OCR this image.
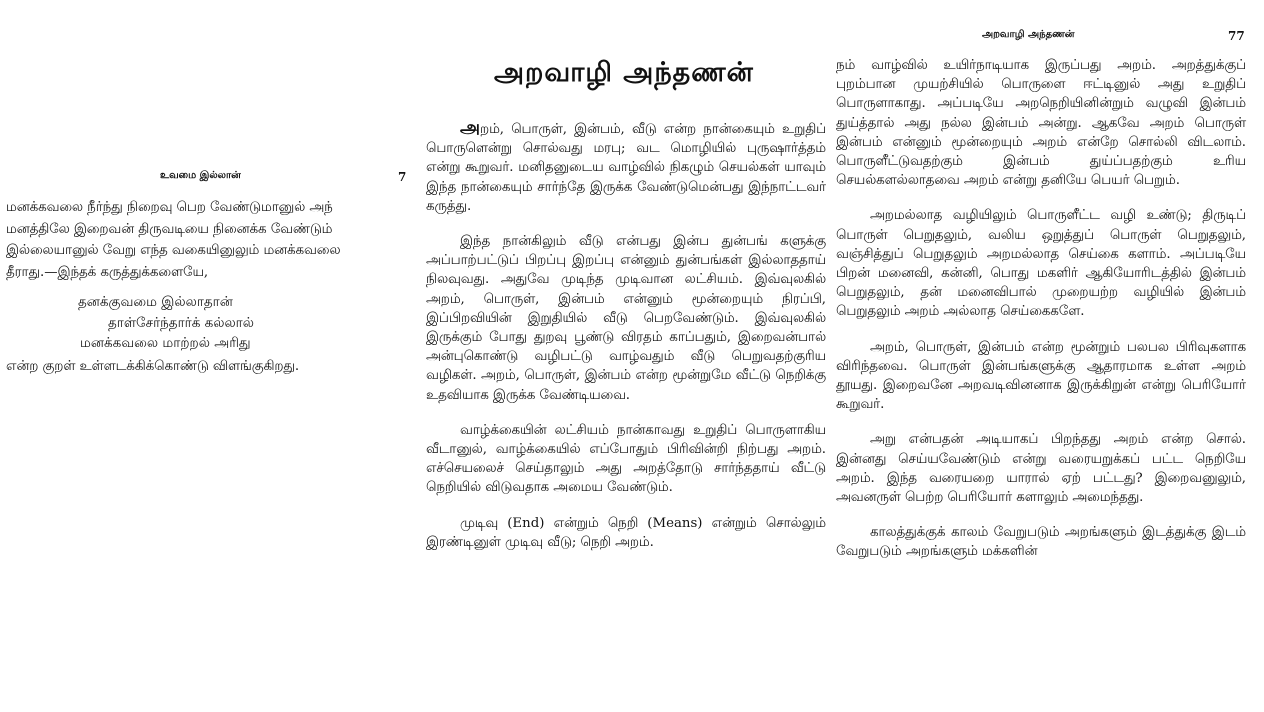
உவமை இல்லான்	7
மனக்கவலை நீர்ந்து நிறைவு பெற வேண்டுமானுல் அந்
மனத்திலே இறைவன் திருவடியை நினைக்க வேண்டும்
இல்லையானுல் வேறு எந்த வகையினுலும் மனக்கவலை
தீராது.—இந்தக் கருத்துக்களையே,
தனக்குவமை இல்லாதான்
தாள்சேர்ந்தார்க் கல்லால்
மனக்கவலை மாற்றல் அரிது
என்ற குறள் உள்ளடக்கிக்கொண்டு விளங்குகிறது.
அறவாழி அந்தணன்

அறம், பொருள், இன்பம், வீடு என்ற நான்கையும் உறுதிப் பொருளென்று சொல்வது மரபு; வட மொழியில் புருஷார்த்தம் என்று கூறுவர். மனிதனுடைய வாழ்வில் நிகழும் செயல்கள் யாவும் இந்த நான்கையும் சார்ந்தே இருக்க வேண்டுமென்பது இந்நாட்டவர் கருத்து.

இந்த நான்கிலும் வீடு என்பது இன்ப துன்பங் களுக்கு அப்பாற்பட்டுப் பிறப்பு இறப்பு என்னும் துன்பங்கள் இல்லாததாய் நிலவுவது. அதுவே முடிந்த முடிவான லட்சியம். இவ்வுலகில் அறம், பொருள், இன்பம் என்னும் மூன்றையும் நிரப்பி, இப்பிறவியின் இறுதியில் வீடு பெறவேண்டும். இவ்வுலகில் இருக்கும் போது துறவு பூண்டு விரதம் காப்பதும், இறைவன்பால் அன்புகொண்டு வழிபட்டு வாழ்வதும் வீடு பெறுவதற்குரிய வழிகள். அறம், பொருள், இன்பம் என்ற மூன்றுமே வீட்டு நெறிக்கு உதவியாக இருக்க வேண்டியவை.

வாழ்க்கையின் லட்சியம் நான்காவது உறுதிப் பொருளாகிய வீடானுல், வாழ்க்கையில் எப்போதும் பிரிவின்றி நிற்பது அறம். எச்செயலைச் செய்தாலும் அது அறத்தோடு சார்ந்ததாய் வீட்டு நெறியில் விடுவதாக அமைய வேண்டும்.

முடிவு (End) என்றும் நெறி (Means) என்றும் சொல்லும் இரண்டினுள் முடிவு வீடு; நெறி அறம்.

அறவாழி அந்தணன்	77

நம் வாழ்வில் உயிர்நாடியாக இருப்பது அறம். அறத்துக்குப் புறம்பான முயற்சியில் பொருளை ஈட்டினுல் அது உறுதிப் பொருளாகாது. அப்படியே அறநெறியினின்றும் வழுவி இன்பம் துய்த்தால் அது நல்ல இன்பம் அன்று. ஆகவே அறம் பொருள் இன்பம் என்னும் மூன்றையும் அறம் என்றே சொல்லி விடலாம். பொருளீட்டுவதற்கும் இன்பம் துய்ப்பதற்கும் உரிய செயல்களல்லாதவை அறம் என்று தனியே பெயர் பெறும்.

அறமல்லாத வழியிலும் பொருளீட்ட வழி உண்டு; திருடிப் பொருள் பெறுதலும், வலிய ஒறுத்துப் பொருள் பெறுதலும், வஞ்சித்துப் பெறுதலும் அறமல்லாத செய்கை களாம். அப்படியே பிறன் மனைவி, கன்னி, பொது மகளிர் ஆகியோரிடத்தில் இன்பம் பெறுதலும், தன் மனைவிபால் முறையற்ற வழியில் இன்பம் பெறுதலும் அறம் அல்லாத செய்கைகளே.

அறம், பொருள், இன்பம் என்ற மூன்றும் பலபல பிரிவுகளாக விரிந்தவை. பொருள் இன்பங்களுக்கு ஆதாரமாக உள்ள அறம் தூயது. இறைவனே அறவடிவினனாக இருக்கிறுன் என்று பெரியோர் கூறுவர்.

அறு என்பதன் அடியாகப் பிறந்தது அறம் என்ற சொல். இன்னது செய்யவேண்டும் என்று வரையறுக்கப் பட்ட நெறியே அறம். இந்த வரையறை யாரால் ஏற் பட்டது? இறைவனுலும், அவனருள் பெற்ற பெரியோர் களாலும் அமைந்தது.

காலத்துக்குக் காலம் வேறுபடும் அறங்களும் இடத்துக்கு இடம் வேறுபடும் அறங்களும் மக்களின்
